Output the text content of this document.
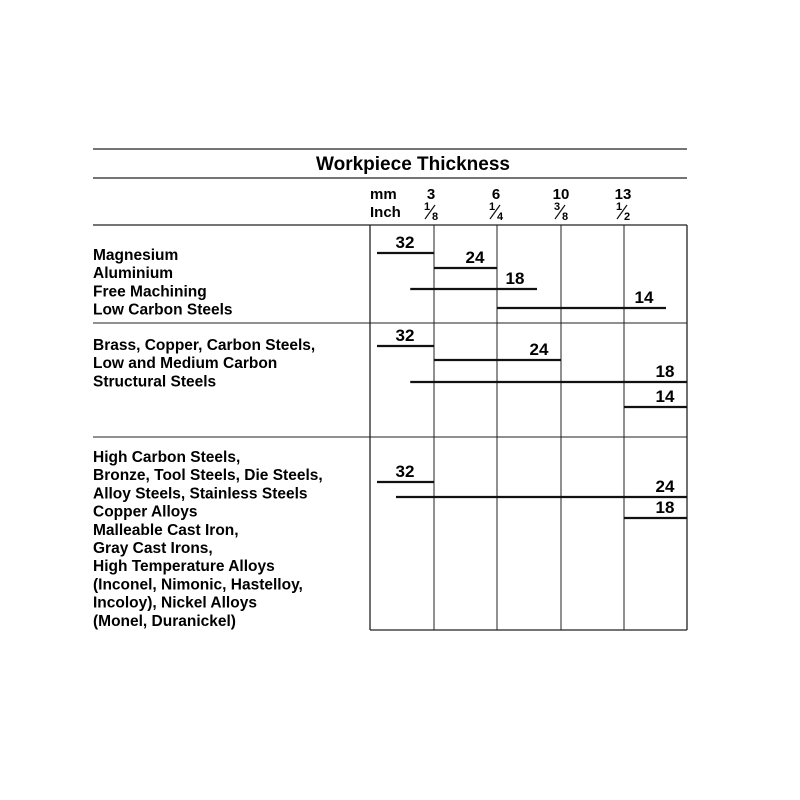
Workpiece Thickness
mm
Inch
3
1
8
6
1
4
10
3
8
13
1
2
Magnesium
Aluminium
Free Machining
Low Carbon Steels
Brass, Copper, Carbon Steels,
Low and Medium Carbon
Structural Steels
High Carbon Steels,
Bronze, Tool Steels, Die Steels,
Alloy Steels, Stainless Steels
Copper Alloys
Malleable Cast Iron,
Gray Cast Irons,
High Temperature Alloys
(Inconel, Nimonic, Hastelloy,
Incoloy), Nickel Alloys
(Monel, Duranickel)
32
24
18
14
32
24
18
14
32
24
18
